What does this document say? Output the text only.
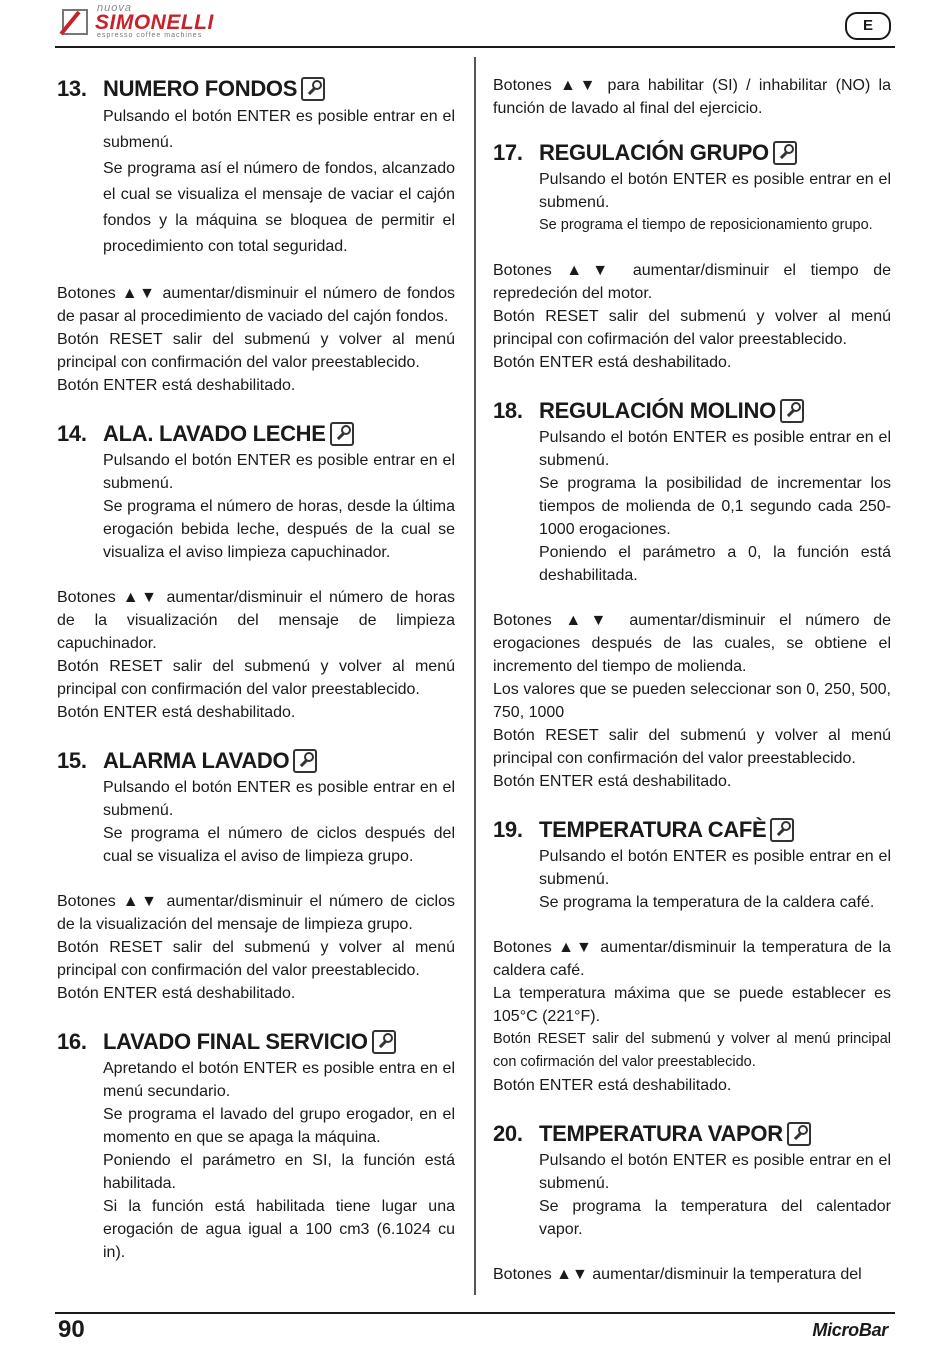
nuova
SIMONELLI
espresso coffee machines
E
13. NUMERO FONDOS

Pulsando el botón ENTER es posible entrar en el submenú.

Se programa así el número de fondos, alcanzado el cual se visualiza el mensaje de vaciar el cajón fondos y la máquina se bloquea de permitir el procedimiento con total seguridad.

Botones ▲▼ aumentar/disminuir el número de fondos de pasar al procedimiento de vaciado del cajón fondos.

Botón RESET salir del submenú y volver al menú principal con confirmación del valor preestablecido.

Botón ENTER está deshabilitado.

14. ALA. LAVADO LECHE

Pulsando el botón ENTER es posible entrar en el submenú.

Se programa el número de horas, desde la última erogación bebida leche, después de la cual se visualiza el aviso limpieza capuchinador.

Botones ▲▼ aumentar/disminuir el número de horas de la visualización del mensaje de limpieza capuchinador.

Botón RESET salir del submenú y volver al menú principal con confirmación del valor preestablecido.

Botón ENTER está deshabilitado.

15. ALARMA LAVADO

Pulsando el botón ENTER es posible entrar en el submenú.

Se programa el número de ciclos después del cual se visualiza el aviso de limpieza grupo.

Botones ▲▼ aumentar/disminuir el número de ciclos de la visualización del mensaje de limpieza grupo.

Botón RESET salir del submenú y volver al menú principal con confirmación del valor preestablecido.

Botón ENTER está deshabilitado.

16. LAVADO FINAL SERVICIO

Apretando el botón ENTER es posible entra en el menú secundario.

Se programa el lavado del grupo erogador, en el momento en que se apaga la máquina.

Poniendo el parámetro en SI, la función está habilitada.

Si la función está habilitada tiene lugar una erogación de agua igual a 100 cm3 (6.1024 cu in).

Botones ▲▼ para habilitar (SI) / inhabilitar (NO) la función de lavado al final del ejercicio.

17. REGULACIÓN GRUPO

Pulsando el botón ENTER es posible entrar en el submenú.

Se programa el tiempo de reposicionamiento grupo.

Botones ▲▼ aumentar/disminuir el tiempo de repredeción del motor.

Botón RESET salir del submenú y volver al menú principal con cofirmación del valor preestablecido.

Botón ENTER está deshabilitado.

18. REGULACIÓN MOLINO

Pulsando el botón ENTER es posible entrar en el submenú.

Se programa la posibilidad de incrementar los tiempos de molienda de 0,1 segundo cada 250-1000 erogaciones.

Poniendo el parámetro a 0, la función está deshabilitada.

Botones ▲▼ aumentar/disminuir el número de erogaciones después de las cuales, se obtiene el incremento del tiempo de molienda.

Los valores que se pueden seleccionar son 0, 250, 500, 750, 1000

Botón RESET salir del submenú y volver al menú principal con confirmación del valor preestablecido.

Botón ENTER está deshabilitado.

19. TEMPERATURA CAFÈ

Pulsando el botón ENTER es posible entrar en el submenú.

Se programa la temperatura de la caldera café.

Botones ▲▼ aumentar/disminuir la temperatura de la caldera café.

La temperatura máxima que se puede establecer es 105°C (221°F).

Botón RESET salir del submenú y volver al menú principal con cofirmación del valor preestablecido.

Botón ENTER está deshabilitado.

20. TEMPERATURA VAPOR

Pulsando el botón ENTER es posible entrar en el submenú.

Se programa la temperatura del calentador vapor.

Botones ▲▼ aumentar/disminuir la temperatura del

90	MicroBar
